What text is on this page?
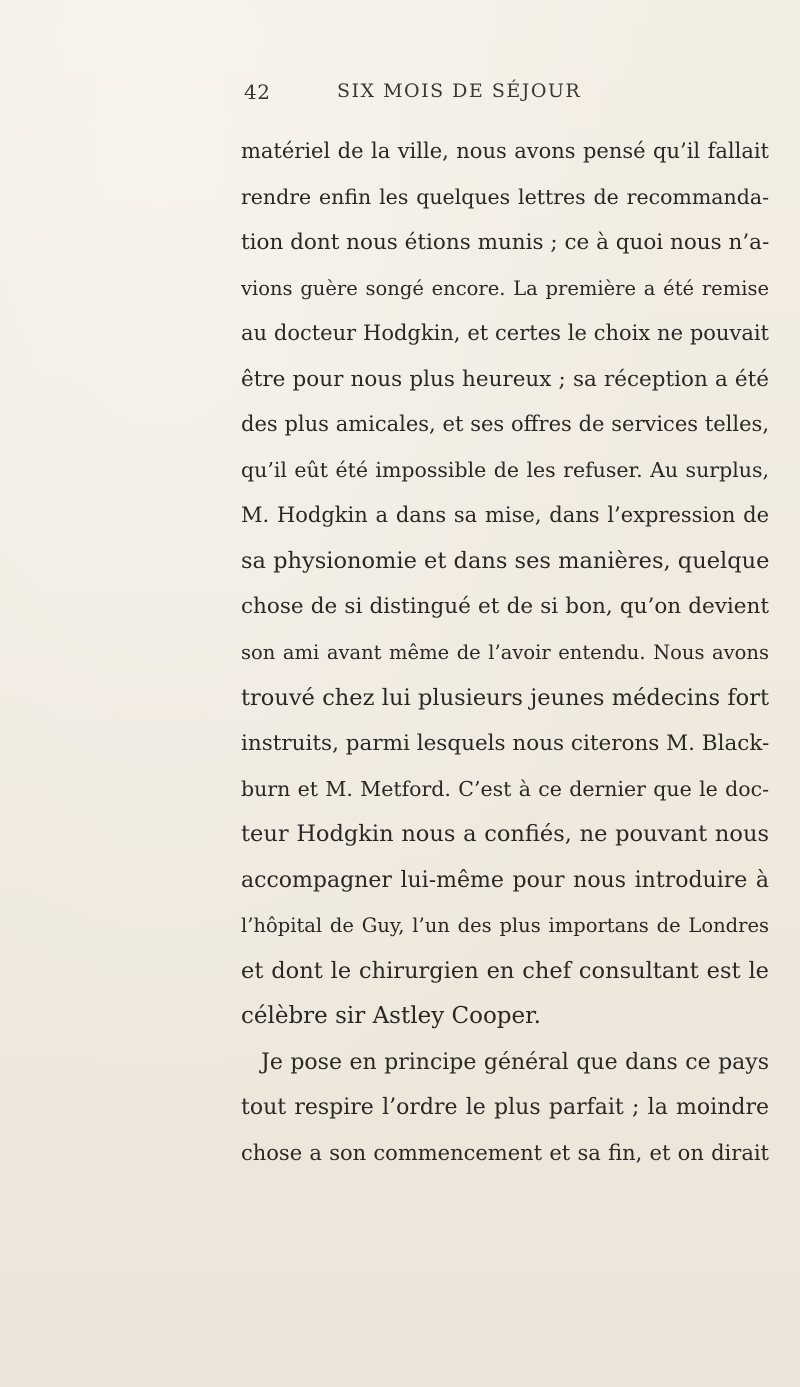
42	SIX MOIS DE SÉJOUR
matériel de la ville, nous avons pensé qu’il fallait
rendre enfin les quelques lettres de recommanda-
tion dont nous étions munis ; ce à quoi nous n’a-
vions guère songé encore. La première a été remise
au docteur Hodgkin, et certes le choix ne pouvait
être pour nous plus heureux ; sa réception a été
des plus amicales, et ses offres de services telles,
qu’il eût été impossible de les refuser. Au surplus,
M. Hodgkin a dans sa mise, dans l’expression de
sa physionomie et dans ses manières, quelque
chose de si distingué et de si bon, qu’on devient
son ami avant même de l’avoir entendu. Nous avons
trouvé chez lui plusieurs jeunes médecins fort
instruits, parmi lesquels nous citerons M. Black-
burn et M. Metford. C’est à ce dernier que le doc-
teur Hodgkin nous a confiés, ne pouvant nous
accompagner lui-même pour nous introduire à
l’hôpital de Guy, l’un des plus importans de Londres
et dont le chirurgien en chef consultant est le
célèbre sir Astley Cooper.
Je pose en principe général que dans ce pays
tout respire l’ordre le plus parfait ; la moindre
chose a son commencement et sa fin, et on dirait
